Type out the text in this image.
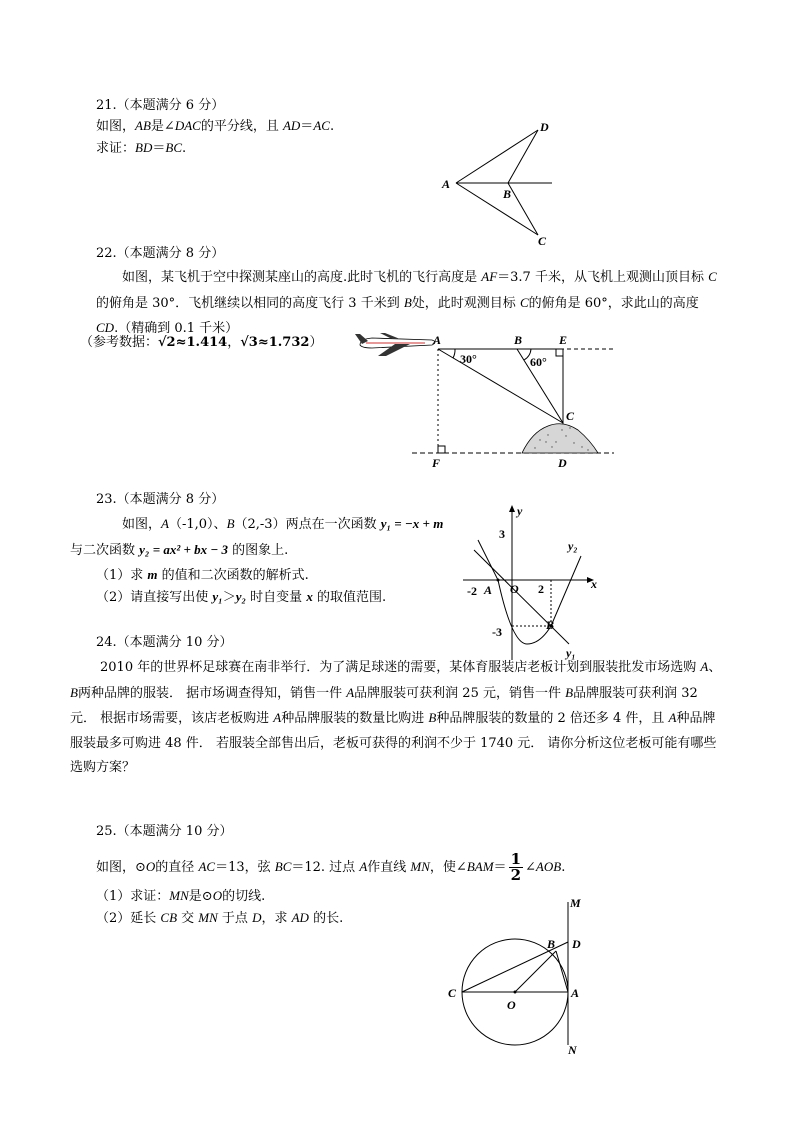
21.（本题满分 6 分）
如图，AB是∠DAC的平分线，且 AD＝AC.
求证：BD＝BC.
A
D
B
C
22.（本题满分 8 分）
如图，某飞机于空中探测某座山的高度.此时飞机的飞行高度是 AF＝3.7 千米，从飞机上观测山顶目标 C的俯角是 30°．飞机继续以相同的高度飞行 3 千米到 B处，此时观测目标 C的俯角是 60°，求此山的高度 CD.（精确到 0.1 千米）
（参考数据：√2≈1.414，√3≈1.732）	A	B	E
C
F	D
30°	60°
23.（本题满分 8 分）
　　如图，A（-1,0）、B（2,-3）两点在一次函数 y₁ = −x + m
与二次函数 y₂ = ax² + bx − 3 的图象上.
（1）求 m 的值和二次函数的解析式.
（2）请直接写出使 y₁＞y₂ 时自变量 x 的取值范围.
y
x
3
-3
-2	2
O
A
B
y₁
y₂
24.（本题满分 10 分）
2010 年的世界杯足球赛在南非举行．为了满足球迷的需要，某体育服装店老板计划到服装批发市场选购 A、B两种品牌的服装． 据市场调查得知，销售一件 A品牌服装可获利润 25 元，销售一件 B品牌服装可获利润 32 元． 根据市场需要，该店老板购进 A种品牌服装的数量比购进 B种品牌服装的数量的 2 倍还多 4 件，且 A种品牌服装最多可购进 48 件． 若服装全部售出后，老板可获得的利润不少于 1740 元． 请你分析这位老板可能有哪些选购方案？
25.（本题满分 10 分）
如图，⊙O的直径 AC＝13，弦 BC＝12. 过点 A作直线 MN，使∠BAM＝ $\frac{1}{2}$ ∠AOB.
（1）求证：MN是⊙O的切线.
（2）延长 CB 交 MN 于点 D，求 AD 的长.
M
D
B
C
O
A
N
